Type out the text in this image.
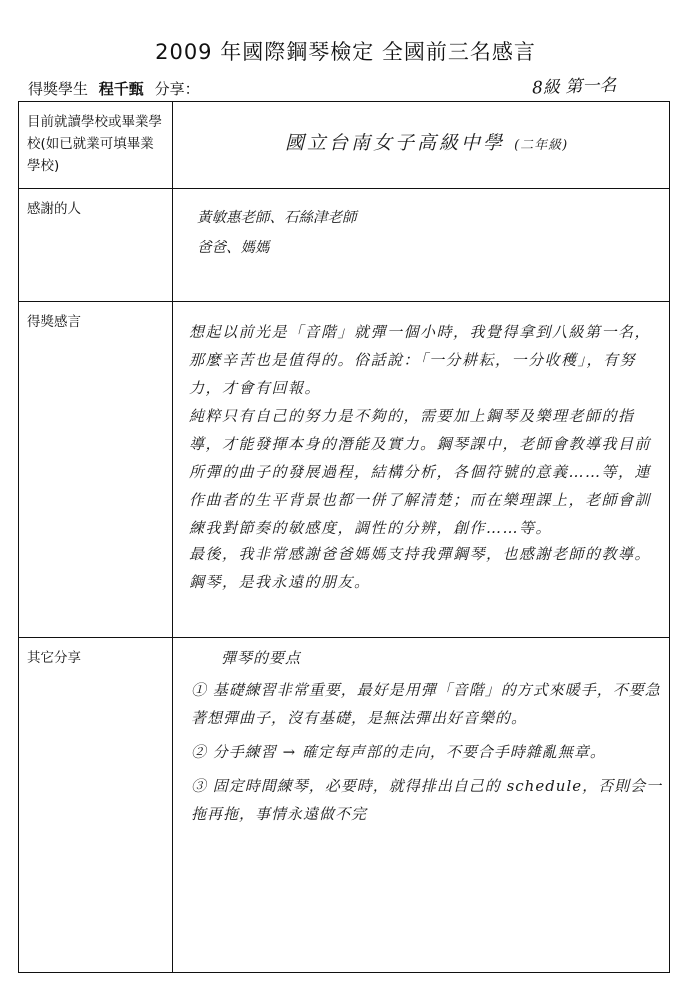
2009 年國際鋼琴檢定 全國前三名感言
得獎學生 程千甄 分享：	8級 第一名
目前就讀學校或畢業學校(如已就業可填畢業學校)
國立台南女子高級中學 (二年級)
感謝的人
黃敏惠老師、石絲津老師
爸爸、媽媽
得獎感言
想起以前光是「音階」就彈一個小時，我覺得拿到八級第一名，那麼辛苦也是值得的。俗話說：「一分耕耘，一分收穫」，有努力，才會有回報。
純粹只有自己的努力是不夠的，需要加上鋼琴及樂理老師的指導，才能發揮本身的潛能及實力。鋼琴課中，老師會教導我目前所彈的曲子的發展過程，結構分析，各個符號的意義……等，連作曲者的生平背景也都一併了解清楚；而在樂理課上，老師會訓練我對節奏的敏感度，調性的分辨，創作……等。
最後，我非常感謝爸爸媽媽支持我彈鋼琴，也感謝老師的教導。鋼琴，是我永遠的朋友。
其它分享	彈琴的要点
① 基礎練習非常重要，最好是用彈「音階」的方式來暖手，不要急著想彈曲子，沒有基礎，是無法彈出好音樂的。
② 分手練習 → 確定每声部的走向，不要合手時雜亂無章。
③ 固定時間練琴，必要時，就得排出自己的 schedule，否則会一拖再拖，事情永遠做不完
